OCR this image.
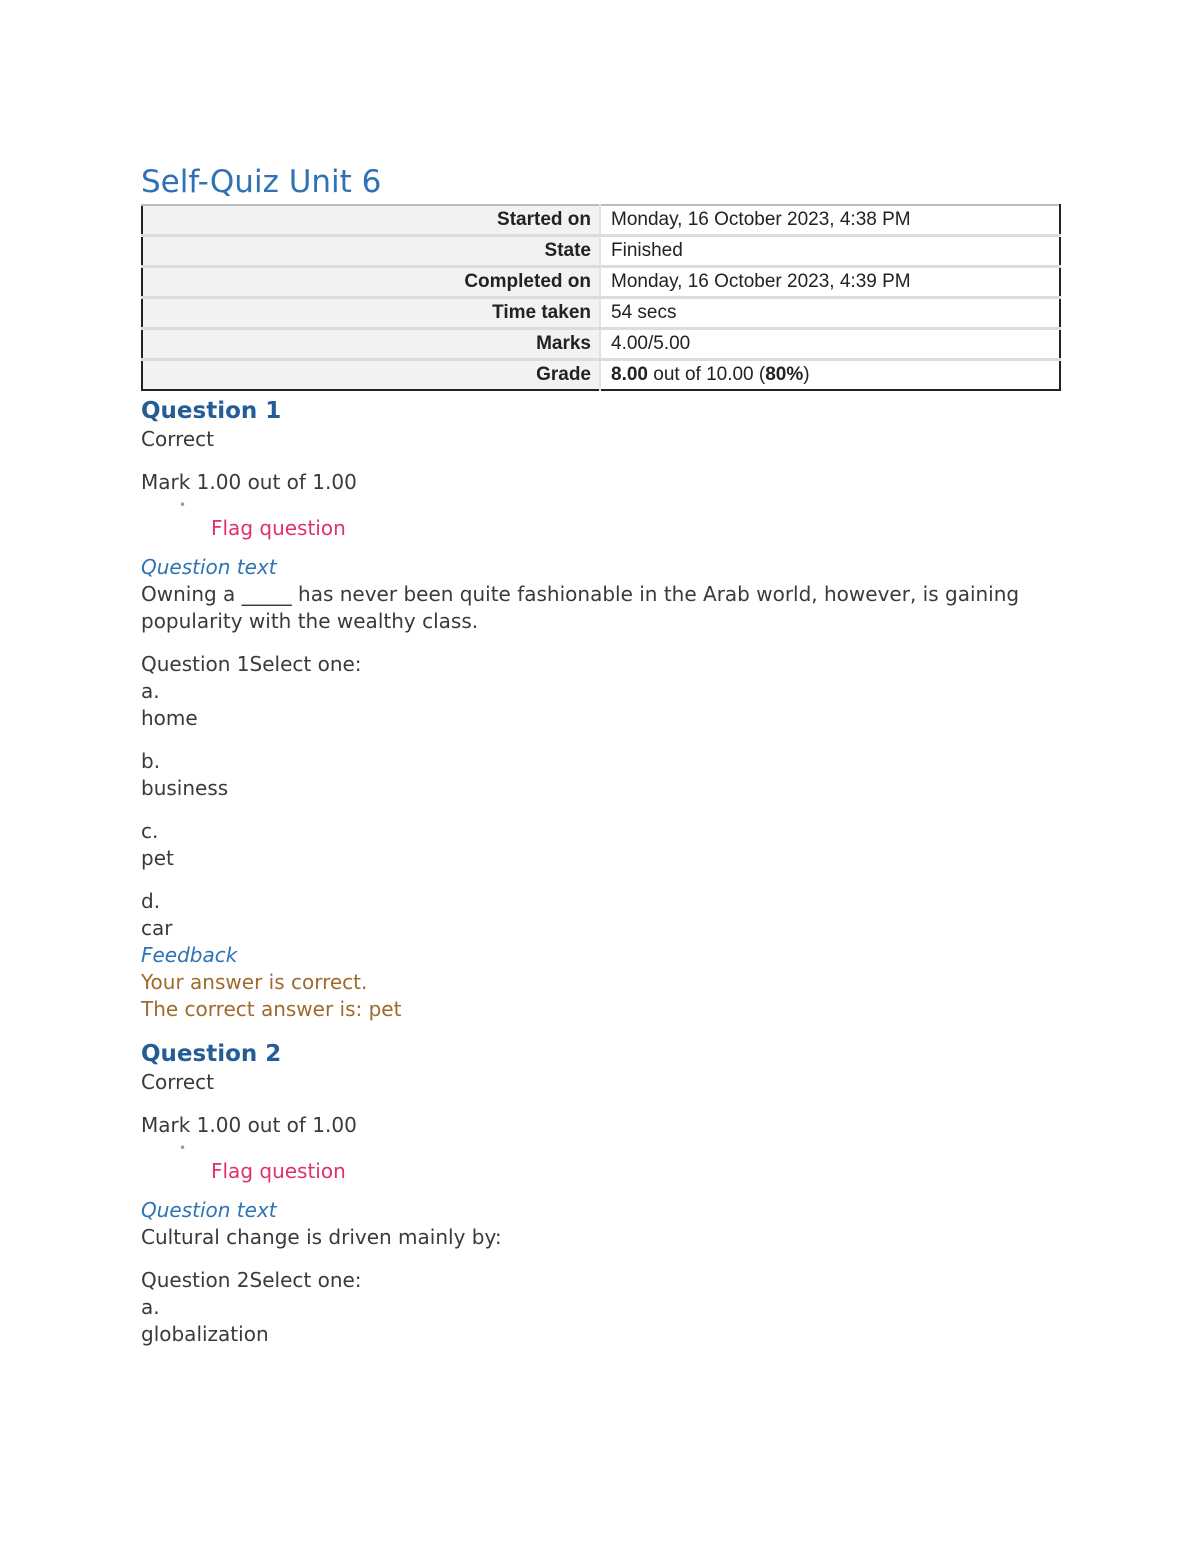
Self-Quiz Unit 6
Started on	Monday, 16 October 2023, 4:38 PM
State	Finished
Completed on	Monday, 16 October 2023, 4:39 PM
Time taken	54 secs
Marks	4.00/5.00
Grade	8.00 out of 10.00 (80%)
Question 1

Correct

Mark 1.00 out of 1.00

•
Flag question

Question text

Owning a _____ has never been quite fashionable in the Arab world, however, is gaining popularity with the wealthy class.

Question 1Select one:

a.

home

b.

business

c.

pet

d.

car

Feedback

Your answer is correct.

The correct answer is: pet

Question 2

Correct

Mark 1.00 out of 1.00

•
Flag question

Question text

Cultural change is driven mainly by:

Question 2Select one:

a.

globalization
